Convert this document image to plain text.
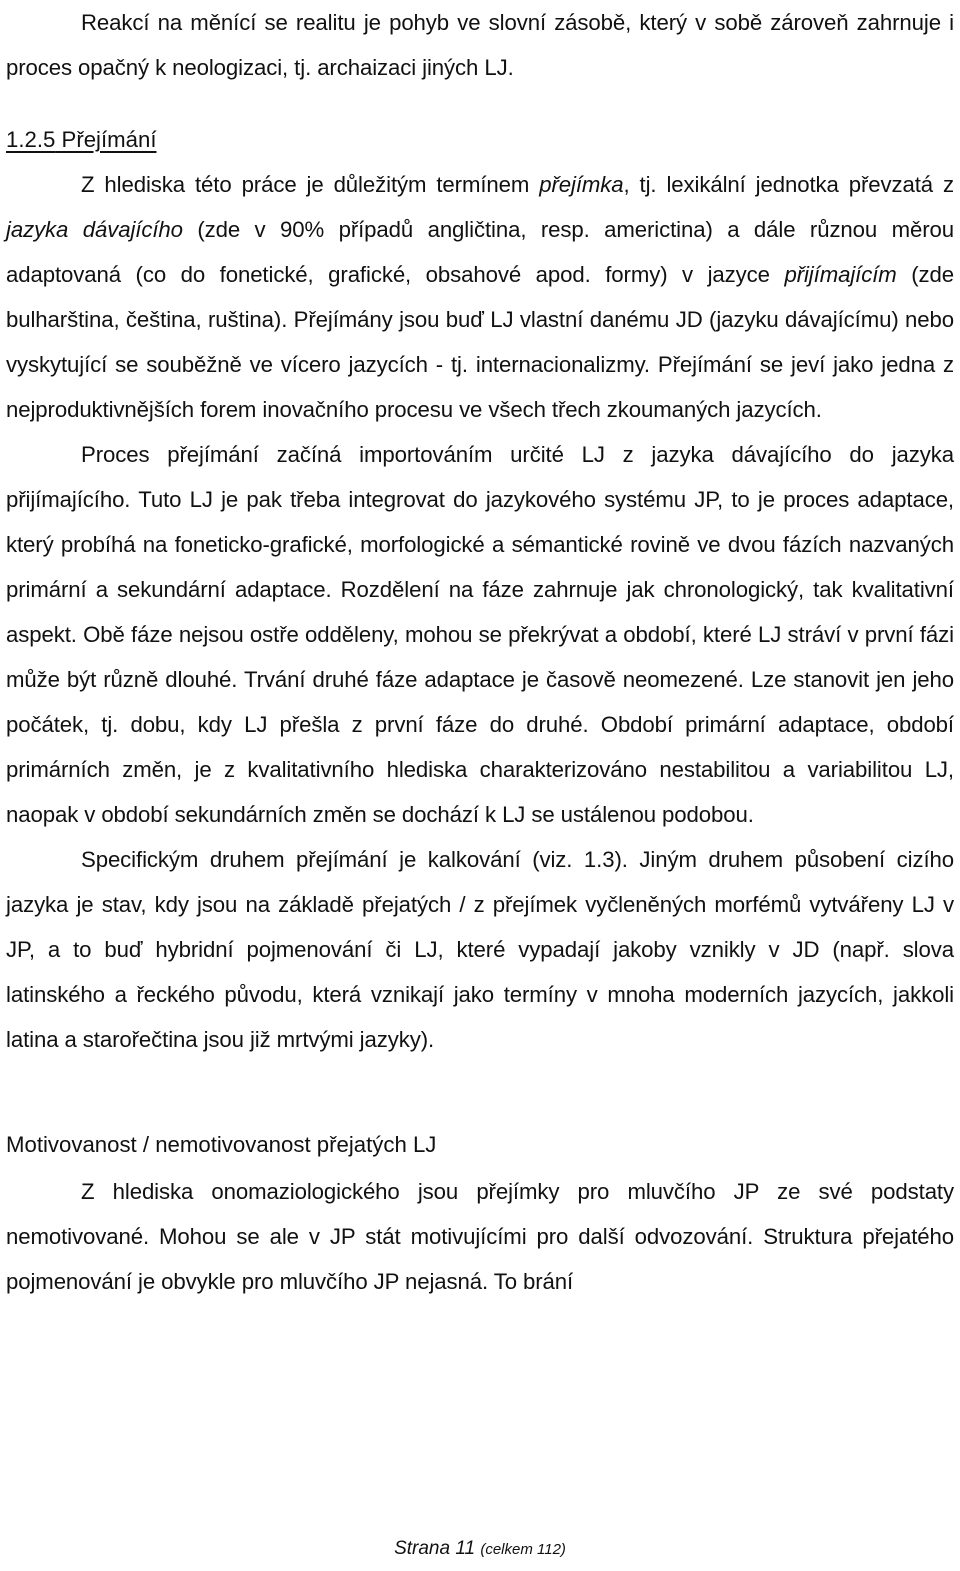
Reakcí na měnící se realitu je pohyb ve slovní zásobě, který v sobě zároveň zahrnuje i proces opačný k neologizaci, tj. archaizaci jiných LJ.

1.2.5 Přejímání

Z hlediska této práce je důležitým termínem přejímka, tj. lexikální jednotka převzatá z jazyka dávajícího (zde v 90% případů angličtina, resp. americtina) a dále různou měrou adaptovaná (co do fonetické, grafické, obsahové apod. formy) v jazyce přijímajícím (zde bulharština, čeština, ruština). Přejímány jsou buď LJ vlastní danému JD (jazyku dávajícímu) nebo vyskytující se souběžně ve vícero jazycích - tj. internacionalizmy. Přejímání se jeví jako jedna z nejproduktivnějších forem inovačního procesu ve všech třech zkoumaných jazycích.

Proces přejímání začíná importováním určité LJ z jazyka dávajícího do jazyka přijímajícího. Tuto LJ je pak třeba integrovat do jazykového systému JP, to je proces adaptace, který probíhá na foneticko-grafické, morfologické a sémantické rovině ve dvou fázích nazvaných primární a sekundární adaptace. Rozdělení na fáze zahrnuje jak chronologický, tak kvalitativní aspekt. Obě fáze nejsou ostře odděleny, mohou se překrývat a období, které LJ stráví v první fázi může být různě dlouhé. Trvání druhé fáze adaptace je časově neomezené. Lze stanovit jen jeho počátek, tj. dobu, kdy LJ přešla z první fáze do druhé. Období primární adaptace, období primárních změn, je z kvalitativního hlediska charakterizováno nestabilitou a variabilitou LJ, naopak v období sekundárních změn se dochází k LJ se ustálenou podobou.

Specifickým druhem přejímání je kalkování (viz. 1.3). Jiným druhem působení cizího jazyka je stav, kdy jsou na základě přejatých / z přejímek vyčleněných morfémů vytvářeny LJ v JP, a to buď hybridní pojmenování či LJ, které vypadají jakoby vznikly v JD (např. slova latinského a řeckého původu, která vznikají jako termíny v mnoha moderních jazycích, jakkoli latina a starořečtina jsou již mrtvými jazyky).

Motivovanost / nemotivovanost přejatých LJ

Z hlediska onomaziologického jsou přejímky pro mluvčího JP ze své podstaty nemotivované. Mohou se ale v JP stát motivujícími pro další odvozování. Struktura přejatého pojmenování je obvykle pro mluvčího JP nejasná. To brání

Strana 11 (celkem 112)
